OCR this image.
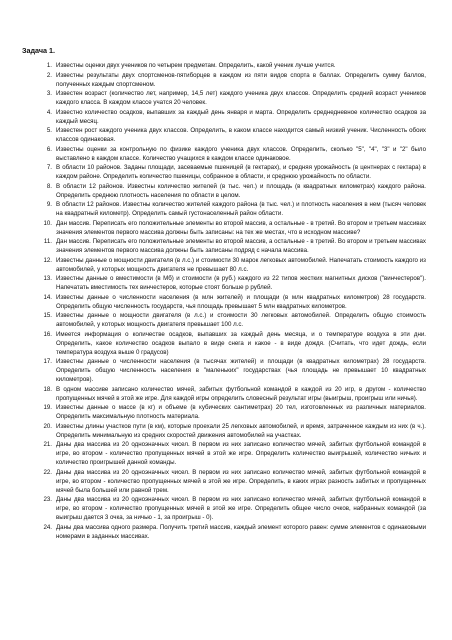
Задача 1.
1. Известны оценки двух учеников по четырем предметам. Определить, какой ученик лучше учится.
2. Известны результаты двух спортсменов-пятиборцев в каждом из пяти видов спорта в баллах. Определить сумму баллов, полученных каждым спортсменом.
3. Известен возраст (количество лет, например, 14,5 лет) каждого ученика двух классов. Определить средний возраст учеников каждого класса. В каждом классе учатся 20 человек.
4. Известно количество осадков, выпавших за каждый день января и марта. Определить среднедневное количество осадков за каждый месяц.
5. Известен рост каждого ученика двух классов. Определить, в каком классе находится самый низкий ученик. Численность обоих классов одинаковая.
6. Известны оценки за контрольную по физике каждого ученика двух классов. Определить, сколько "5", "4", "3" и "2" было выставлено в каждом классе. Количество учащихся в каждом классе одинаковое.
7. В области 10 районов. Заданы площади, засеваемые пшеницей (в гектарах), и средняя урожайность (в центнерах с гектара) в каждом районе. Определить количество пшеницы, собранное в области, и среднюю урожайность по области.
8. В области 12 районов. Известны количество жителей (в тыс. чел.) и площадь (в квадратных километрах) каждого района. Определить среднюю плотность населения по области в целом.
9. В области 12 районов. Известны количество жителей каждого района (в тыс. чел.) и плотность населения в нем (тысяч человек на квадратный километр). Определить самый густонаселенный район области.
10. Дан массив. Переписать его положительные элементы во второй массив, а остальные - в третий. Во втором и третьем массивах значения элементов первого массива должны быть записаны: на тех же местах, что в исходном массиве?
11. Дан массив. Переписать его положительные элементы во второй массив, а остальные - в третий. Во втором и третьем массивах значения элементов первого массива должны быть записаны подряд с начала массива.
12. Известны данные о мощности двигателя (в л.с.) и стоимости 30 марок легковых автомобилей. Напечатать стоимость каждого из автомобилей, у которых мощность двигателя не превышает 80 л.с.
13. Известны данные о вместимости (в Мб) и стоимости (в руб.) каждого из 22 типов жестких магнитных дисков ("винчестеров"). Напечатать вместимость тех винчестеров, которые стоят больше р рублей.
14. Известны данные о численности населения (в млн жителей) и площади (в млн квадратных километров) 28 государств. Определить общую численность государств, чья площадь превышает 5 млн квадратных километров.
15. Известны данные о мощности двигателя (в л.с.) и стоимости 30 легковых автомобилей. Определить общую стоимость автомобилей, у которых мощность двигателя превышает 100 л.с.
16. Имеется информация о количестве осадков, выпавших за каждый день месяца, и о температуре воздуха в эти дни. Определить, какое количество осадков выпало в виде снега и какое - в виде дождя. (Считать, что идет дождь, если температура воздуха выше 0 градусов)
17. Известны данные о численности населения (в тысячах жителей) и площади (в квадратных километрах) 28 государств. Определить общую численность населения в "маленьких" государствах (чья площадь не превышает 10 квадратных километров).
18. В одном массиве записано количество мячей, забитых футбольной командой в каждой из 20 игр, в другом - количество пропущенных мячей в этой же игре. Для каждой игры определить словесный результат игры (выигрыш, проигрыш или ничья).
19. Известны данные о массе (в кг) и объеме (в кубических сантиметрах) 20 тел, изготовленных из различных материалов. Определить максимальную плотность материала.
20. Известны длины участков пути (в км), которые проехали 25 легковых автомобилей, и время, затраченное каждым из них (в ч.). Определить минимальную из средних скоростей движения автомобилей на участках.
21. Даны два массива из 20 одноэначных чисел. В первом из них записано количество мячей, забитых футбольной командой в игре, во втором - количество пропущенных мячей в этой же игре. Определить количество выигрышей, количество ничьих и количество проигрышей данной команды.
22. Даны два массива из 20 одноэначных чисел. В первом из них записано количество мячей, забитых футбольной командой в игре, во втором - количество пропущенных мячей в этой же игре. Определить, в каких играх разность забитых и пропущенных мячей была большей или равной трем.
23. Даны два массива из 20 одноэначных чисел. В первом из них записано количество мячей, забитых футбольной командой в игре, во втором - количество пропущенных мячей в этой же игре. Определить общее число очков, набранных командой (за выигрыш дается 3 очка, за ничью - 1, за проигрыш - 0).
24. Даны два массива одного размера. Получить третий массив, каждый элемент которого равен: сумме элементов с одинаковыми номерами в заданных массивах.
